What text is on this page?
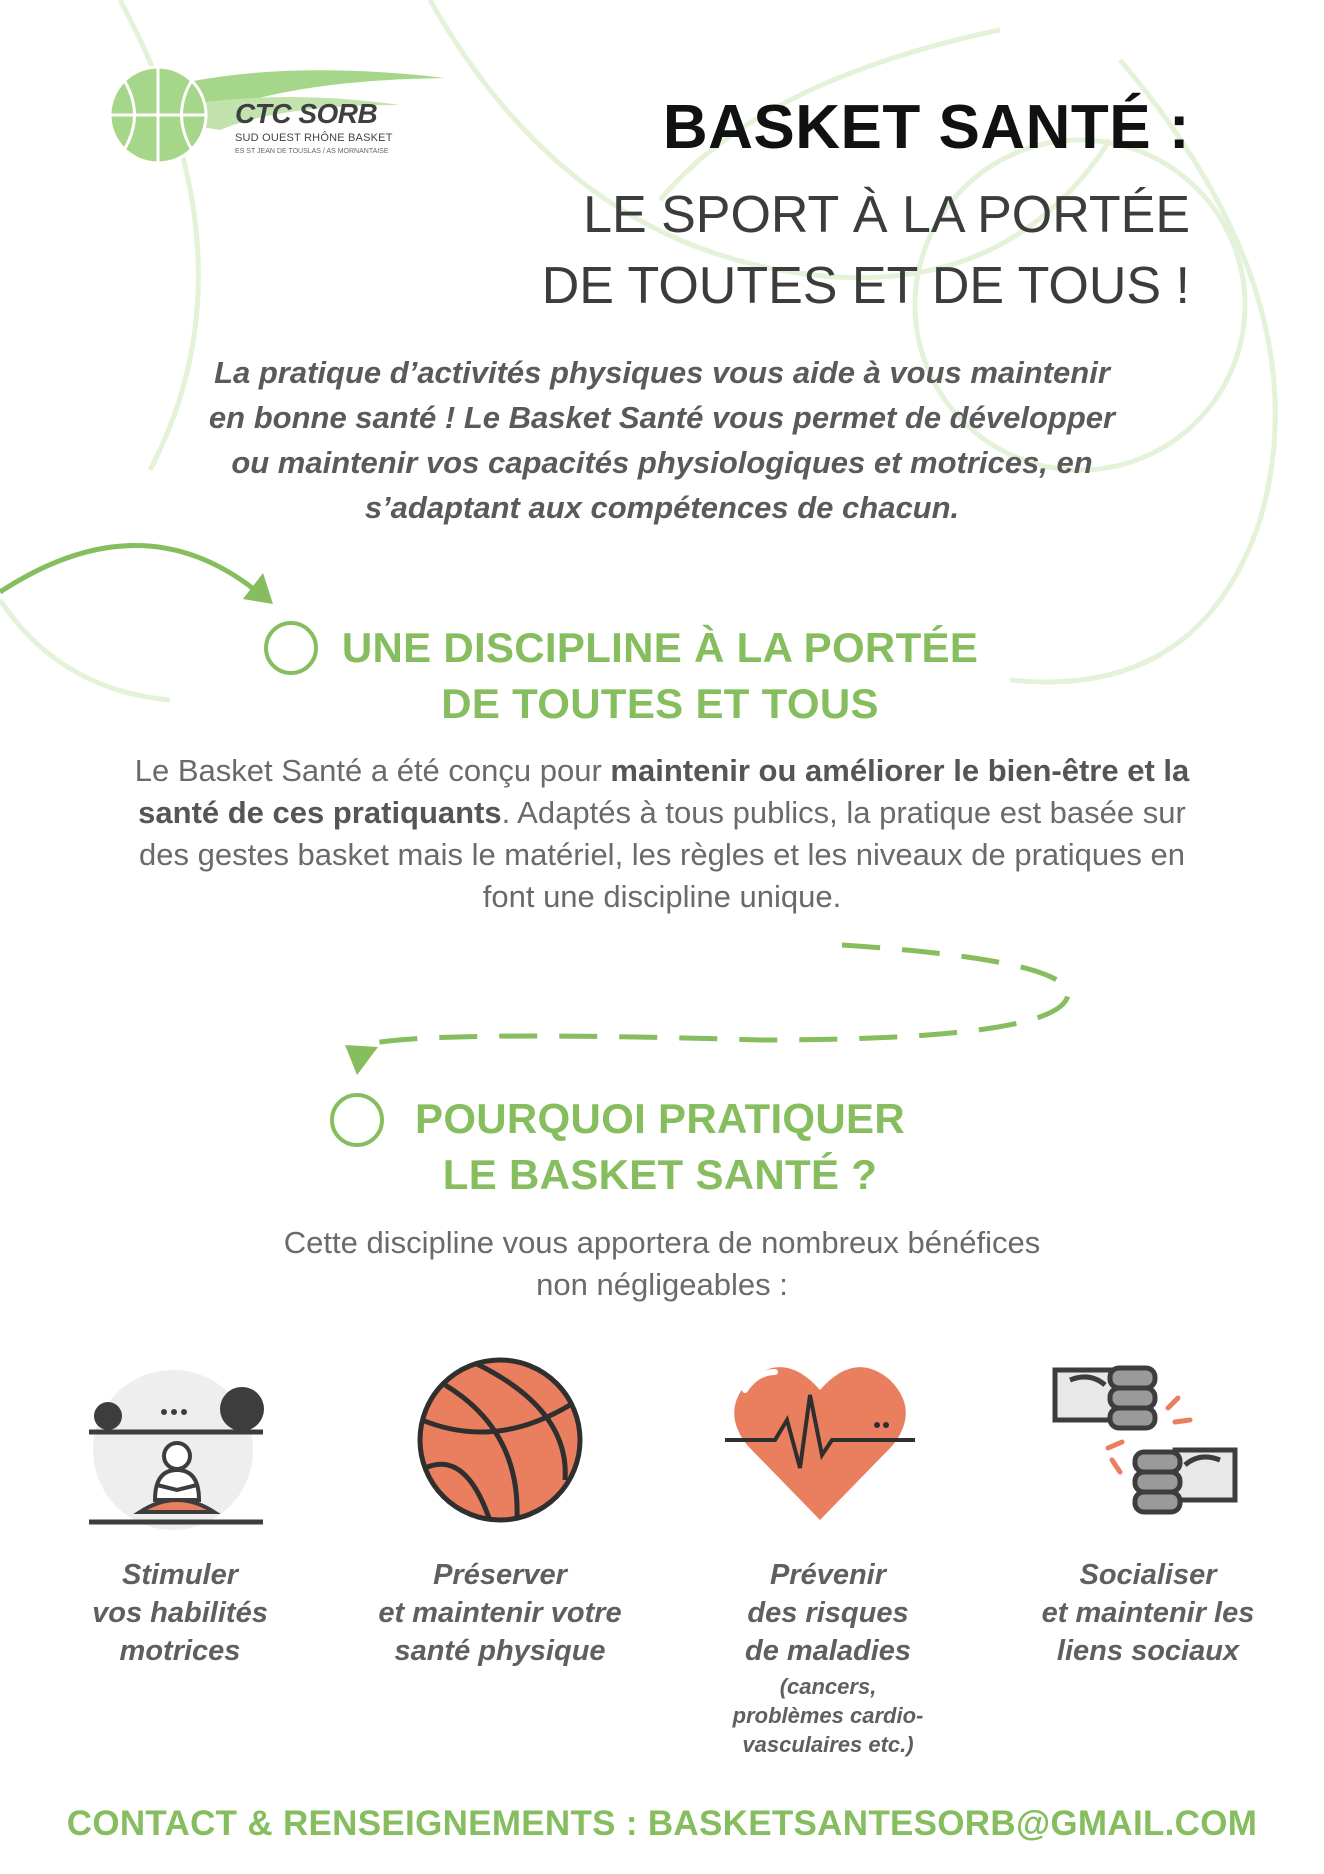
CTC SORB
SUD OUEST RHÔNE BASKET
ES ST JEAN DE TOUSLAS / AS MORNANTAISE	BASKET SANTÉ :
LE SPORT À LA PORTÉE
DE TOUTES ET DE TOUS !
La pratique d’activités physiques vous aide à vous maintenir
en bonne santé ! Le Basket Santé vous permet de développer
ou maintenir vos capacités physiologiques et motrices, en
s’adaptant aux compétences de chacun.
UNE DISCIPLINE À LA PORTÉE
DE TOUTES ET TOUS
Le Basket Santé a été conçu pour maintenir ou améliorer le bien-être et la santé de ces pratiquants. Adaptés à tous publics, la pratique est basée sur des gestes basket mais le matériel, les règles et les niveaux de pratiques en font une discipline unique.
POURQUOI PRATIQUER
LE BASKET SANTÉ ?
Cette discipline vous apportera de nombreux bénéfices
non négligeables :
Stimuler
vos habilités
motrices
Préserver
et maintenir votre
santé physique
Prévenir
des risques
de maladies
(cancers,
problèmes cardio-
vasculaires etc.)
Socialiser
et maintenir les
liens sociaux
CONTACT & RENSEIGNEMENTS : BASKETSANTESORB@GMAIL.COM
